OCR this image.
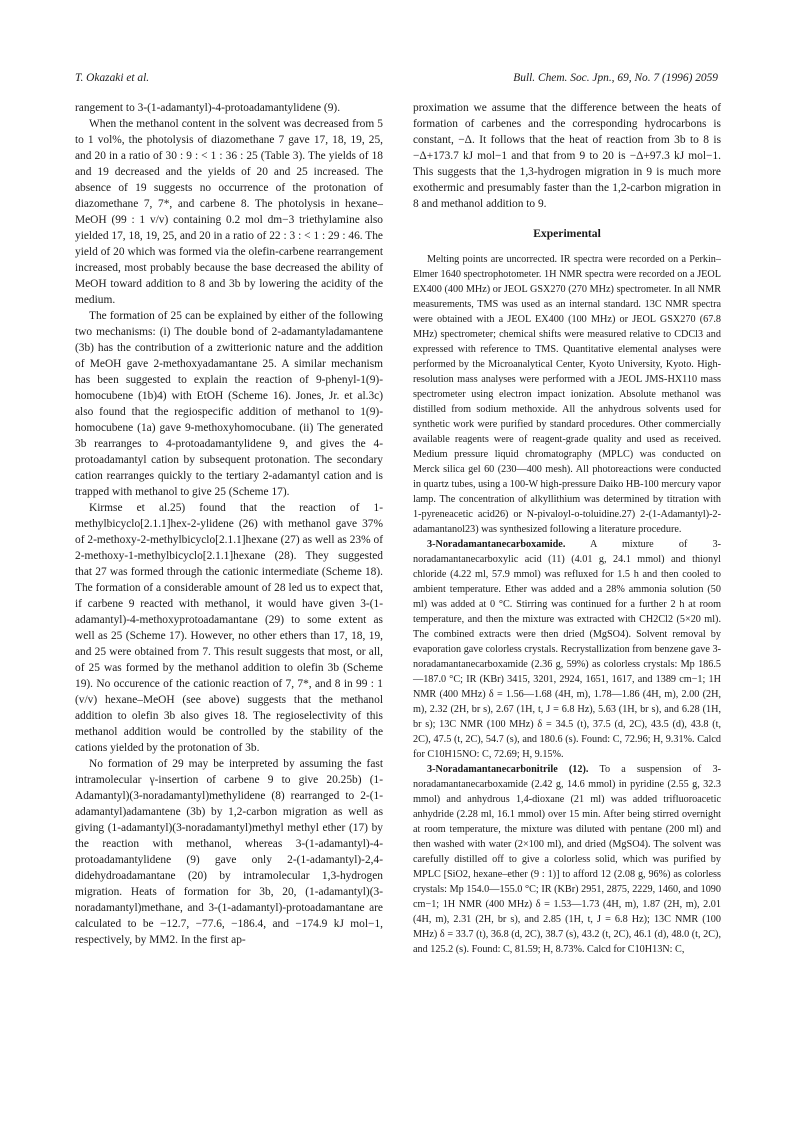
T. Okazaki et al.	Bull. Chem. Soc. Jpn., 69, No. 7 (1996) 2059

rangement to 3-(1-adamantyl)-4-protoadamantylidene (9).

When the methanol content in the solvent was decreased from 5 to 1 vol%, the photolysis of diazomethane 7 gave 17, 18, 19, 25, and 20 in a ratio of 30 : 9 : < 1 : 36 : 25 (Table 3). The yields of 18 and 19 decreased and the yields of 20 and 25 increased. The absence of 19 suggests no occurrence of the protonation of diazomethane 7, 7*, and carbene 8. The photolysis in hexane–MeOH (99 : 1 v/v) containing 0.2 mol dm−3 triethylamine also yielded 17, 18, 19, 25, and 20 in a ratio of 22 : 3 : < 1 : 29 : 46. The yield of 20 which was formed via the olefin-carbene rearrangement increased, most probably because the base decreased the ability of MeOH toward addition to 8 and 3b by lowering the acidity of the medium.

The formation of 25 can be explained by either of the following two mechanisms: (i) The double bond of 2-adamantyladamantene (3b) has the contribution of a zwitterionic nature and the addition of MeOH gave 2-methoxyadamantane 25. A similar mechanism has been suggested to explain the reaction of 9-phenyl-1(9)-homocubene (1b)4) with EtOH (Scheme 16). Jones, Jr. et al.3c) also found that the regiospecific addition of methanol to 1(9)-homocubene (1a) gave 9-methoxyhomocubane. (ii) The generated 3b rearranges to 4-protoadamantylidene 9, and gives the 4-protoadamantyl cation by subsequent protonation. The secondary cation rearranges quickly to the tertiary 2-adamantyl cation and is trapped with methanol to give 25 (Scheme 17).

Kirmse et al.25) found that the reaction of 1-methylbicyclo[2.1.1]hex-2-ylidene (26) with methanol gave 37% of 2-methoxy-2-methylbicyclo[2.1.1]hexane (27) as well as 23% of 2-methoxy-1-methylbicyclo[2.1.1]hexane (28). They suggested that 27 was formed through the cationic intermediate (Scheme 18). The formation of a considerable amount of 28 led us to expect that, if carbene 9 reacted with methanol, it would have given 3-(1-adamantyl)-4-methoxyprotoadamantane (29) to some extent as well as 25 (Scheme 17). However, no other ethers than 17, 18, 19, and 25 were obtained from 7. This result suggests that most, or all, of 25 was formed by the methanol addition to olefin 3b (Scheme 19). No occurence of the cationic reaction of 7, 7*, and 8 in 99 : 1 (v/v) hexane–MeOH (see above) suggests that the methanol addition to olefin 3b also gives 18. The regioselectivity of this methanol addition would be controlled by the stability of the cations yielded by the protonation of 3b.

No formation of 29 may be interpreted by assuming the fast intramolecular γ-insertion of carbene 9 to give 20.25b) (1-Adamantyl)(3-noradamantyl)methylidene (8) rearranged to 2-(1-adamantyl)adamantene (3b) by 1,2-carbon migration as well as giving (1-adamantyl)(3-noradamantyl)methyl methyl ether (17) by the reaction with methanol, whereas 3-(1-adamantyl)-4-protoadamantylidene (9) gave only 2-(1-adamantyl)-2,4-didehydroadamantane (20) by intramolecular 1,3-hydrogen migration. Heats of formation for 3b, 20, (1-adamantyl)(3-noradamantyl)methane, and 3-(1-adamantyl)-protoadamantane are calculated to be −12.7, −77.6, −186.4, and −174.9 kJ mol−1, respectively, by MM2. In the first ap-

proximation we assume that the difference between the heats of formation of carbenes and the corresponding hydrocarbons is constant, −Δ. It follows that the heat of reaction from 3b to 8 is −Δ+173.7 kJ mol−1 and that from 9 to 20 is −Δ+97.3 kJ mol−1. This suggests that the 1,3-hydrogen migration in 9 is much more exothermic and presumably faster than the 1,2-carbon migration in 8 and methanol addition to 9.

Experimental

Melting points are uncorrected. IR spectra were recorded on a Perkin–Elmer 1640 spectrophotometer. 1H NMR spectra were recorded on a JEOL EX400 (400 MHz) or JEOL GSX270 (270 MHz) spectrometer. In all NMR measurements, TMS was used as an internal standard. 13C NMR spectra were obtained with a JEOL EX400 (100 MHz) or JEOL GSX270 (67.8 MHz) spectrometer; chemical shifts were measured relative to CDCl3 and expressed with reference to TMS. Quantitative elemental analyses were performed by the Microanalytical Center, Kyoto University, Kyoto. High-resolution mass analyses were performed with a JEOL JMS-HX110 mass spectrometer using electron impact ionization. Absolute methanol was distilled from sodium methoxide. All the anhydrous solvents used for synthetic work were purified by standard procedures. Other commercially available reagents were of reagent-grade quality and used as received. Medium pressure liquid chromatography (MPLC) was conducted on Merck silica gel 60 (230—400 mesh). All photoreactions were conducted in quartz tubes, using a 100-W high-pressure Daiko HB-100 mercury vapor lamp. The concentration of alkyllithium was determined by titration with 1-pyreneacetic acid26) or N-pivaloyl-o-toluidine.27) 2-(1-Adamantyl)-2-adamantanol23) was synthesized following a literature procedure.

3-Noradamantanecarboxamide. A mixture of 3-noradamantanecarboxylic acid (11) (4.01 g, 24.1 mmol) and thionyl chloride (4.22 ml, 57.9 mmol) was refluxed for 1.5 h and then cooled to ambient temperature. Ether was added and a 28% ammonia solution (50 ml) was added at 0 °C. Stirring was continued for a further 2 h at room temperature, and then the mixture was extracted with CH2Cl2 (5×20 ml). The combined extracts were then dried (MgSO4). Solvent removal by evaporation gave colorless crystals. Recrystallization from benzene gave 3-noradamantanecarboxamide (2.36 g, 59%) as colorless crystals: Mp 186.5—187.0 °C; IR (KBr) 3415, 3201, 2924, 1651, 1617, and 1389 cm−1; 1H NMR (400 MHz) δ = 1.56—1.68 (4H, m), 1.78—1.86 (4H, m), 2.00 (2H, m), 2.32 (2H, br s), 2.67 (1H, t, J = 6.8 Hz), 5.63 (1H, br s), and 6.28 (1H, br s); 13C NMR (100 MHz) δ = 34.5 (t), 37.5 (d, 2C), 43.5 (d), 43.8 (t, 2C), 47.5 (t, 2C), 54.7 (s), and 180.6 (s). Found: C, 72.96; H, 9.31%. Calcd for C10H15NO: C, 72.69; H, 9.15%.

3-Noradamantanecarbonitrile (12). To a suspension of 3-noradamantanecarboxamide (2.42 g, 14.6 mmol) in pyridine (2.55 g, 32.3 mmol) and anhydrous 1,4-dioxane (21 ml) was added trifluoroacetic anhydride (2.28 ml, 16.1 mmol) over 15 min. After being stirred overnight at room temperature, the mixture was diluted with pentane (200 ml) and then washed with water (2×100 ml), and dried (MgSO4). The solvent was carefully distilled off to give a colorless solid, which was purified by MPLC [SiO2, hexane–ether (9 : 1)] to afford 12 (2.08 g, 96%) as colorless crystals: Mp 154.0—155.0 °C; IR (KBr) 2951, 2875, 2229, 1460, and 1090 cm−1; 1H NMR (400 MHz) δ = 1.53—1.73 (4H, m), 1.87 (2H, m), 2.01 (4H, m), 2.31 (2H, br s), and 2.85 (1H, t, J = 6.8 Hz); 13C NMR (100 MHz) δ = 33.7 (t), 36.8 (d, 2C), 38.7 (s), 43.2 (t, 2C), 46.1 (d), 48.0 (t, 2C), and 125.2 (s). Found: C, 81.59; H, 8.73%. Calcd for C10H13N: C,
